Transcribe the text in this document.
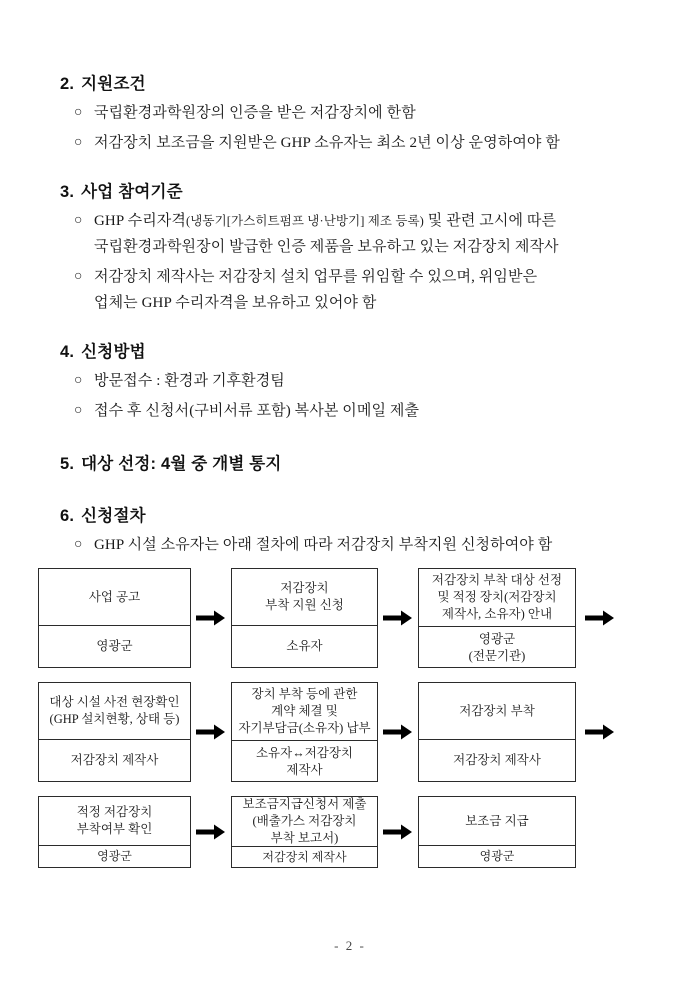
2. 지원조건
○ 국립환경과학원장의 인증을 받은 저감장치에 한함
○ 저감장치 보조금을 지원받은 GHP 소유자는 최소 2년 이상 운영하여야 함
3. 사업 참여기준
○ GHP 수리자격(냉동기[가스히트펌프 냉·난방기] 제조 등록) 및 관련 고시에 따른
국립환경과학원장이 발급한 인증 제품을 보유하고 있는 저감장치 제작사
○ 저감장치 제작사는 저감장치 설치 업무를 위임할 수 있으며, 위임받은
업체는 GHP 수리자격을 보유하고 있어야 함
4. 신청방법
○ 방문접수 : 환경과 기후환경팀
○ 접수 후 신청서(구비서류 포함) 복사본 이메일 제출
5. 대상 선정: 4월 중 개별 통지
6. 신청절차
○ GHP 시설 소유자는 아래 절차에 따라 저감장치 부착지원 신청하여야 함
사업 공고
영광군
저감장치
부착 지원 신청
소유자
저감장치 부착 대상 선정
및 적정 장치(저감장치
제작사, 소유자) 안내
영광군
(전문기관)
대상 시설 사전 현장확인
(GHP 설치현황, 상태 등)
저감장치 제작사
장치 부착 등에 관한
계약 체결 및
자기부담금(소유자) 납부
소유자↔저감장치
제작사
저감장치 부착
저감장치 제작사
적정 저감장치
부착여부 확인
영광군
보조금지급신청서 제출
(배출가스 저감장치
부착 보고서)
저감장치 제작사
보조금 지급
영광군
- 2 -
